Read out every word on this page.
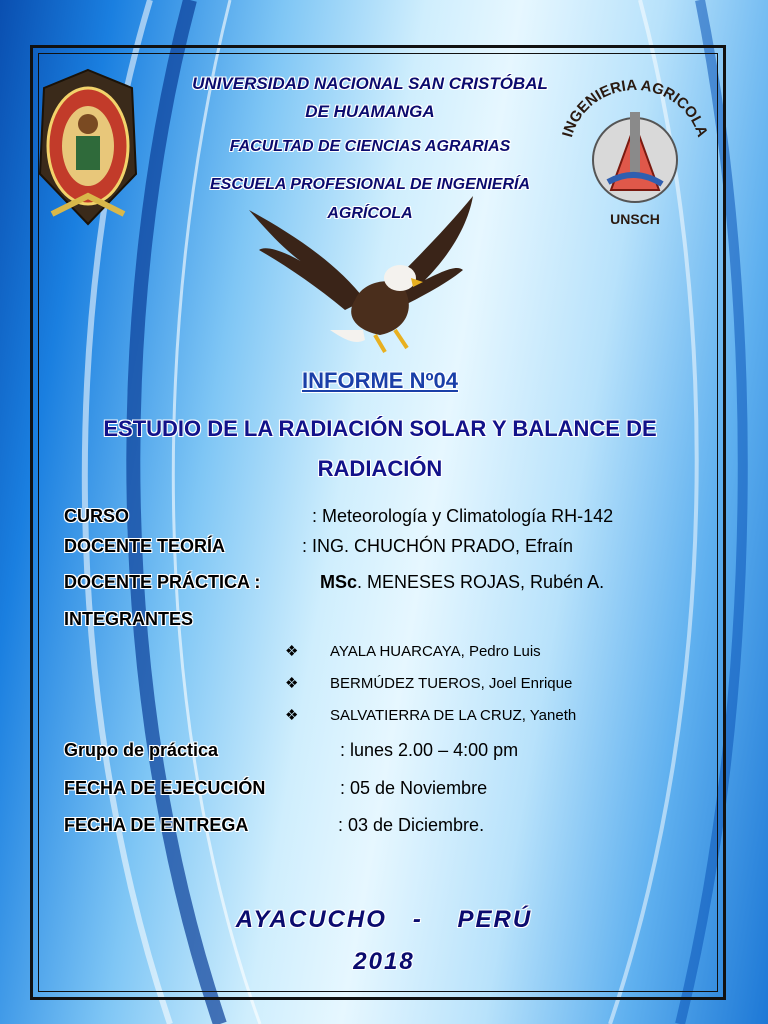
INGENIERIA AGRICOLA
UNSCH
UNIVERSIDAD NACIONAL SAN CRISTÓBAL
DE HUAMANGA
FACULTAD DE CIENCIAS AGRARIAS
ESCUELA PROFESIONAL DE INGENIERÍA
AGRÍCOLA
INFORME Nº04
ESTUDIO DE LA RADIACIÓN SOLAR Y BALANCE DE
RADIACIÓN
CURSO	: Meteorología y Climatología RH-142
DOCENTE TEORÍA	: ING. CHUCHÓN PRADO, Efraín
DOCENTE PRÁCTICA :	MSc. MENESES ROJAS, Rubén A.
INTEGRANTES
❖ AYALA HUARCAYA, Pedro Luis
❖ BERMÚDEZ TUEROS, Joel Enrique
❖ SALVATIERRA DE LA CRUZ, Yaneth
Grupo de práctica	: lunes 2.00 – 4:00 pm
FECHA DE EJECUCIÓN	: 05 de Noviembre
FECHA DE ENTREGA	: 03 de Diciembre.
AYACUCHO   -    PERÚ
2018
